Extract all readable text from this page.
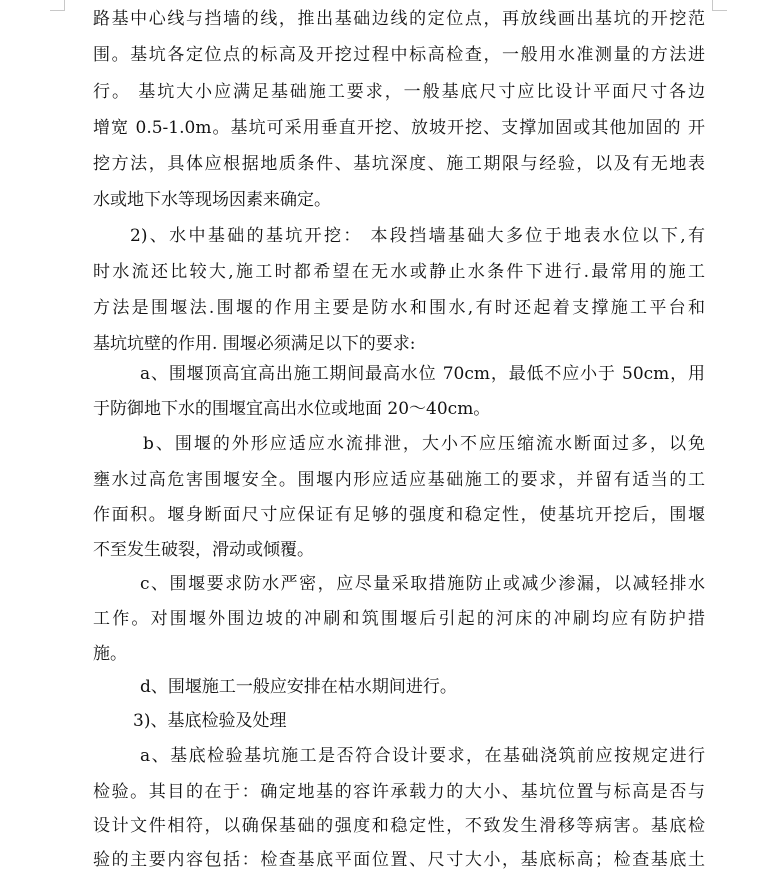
路基中心线与挡墙的线，推出基础边线的定位点，再放线画出基坑的开挖范
围。基坑各定位点的标高及开挖过程中标高检查，一般用水准测量的方法进
行。 基坑大小应满足基础施工要求，一般基底尺寸应比设计平面尺寸各边
增宽 0.5-1.0m。基坑可采用垂直开挖、放坡开挖、支撑加固或其他加固的 开
挖方法，具体应根据地质条件、基坑深度、施工期限与经验，以及有无地表
水或地下水等现场因素来确定。
2)、水中基础的基坑开挖： 本段挡墙基础大多位于地表水位以下,有
时水流还比较大,施工时都希望在无水或静止水条件下进行.最常用的施工
方法是围堰法.围堰的作用主要是防水和围水,有时还起着支撑施工平台和
基坑坑壁的作用. 围堰必须满足以下的要求:
a、围堰顶高宜高出施工期间最高水位 70cm，最低不应小于 50cm，用
于防御地下水的围堰宜高出水位或地面 20～40cm。
b、围堰的外形应适应水流排泄，大小不应压缩流水断面过多，以免
壅水过高危害围堰安全。围堰内形应适应基础施工的要求，并留有适当的工
作面积。堰身断面尺寸应保证有足够的强度和稳定性，使基坑开挖后，围堰
不至发生破裂，滑动或倾覆。
c、围堰要求防水严密，应尽量采取措施防止或减少渗漏，以减轻排水
工作。对围堰外围边坡的冲刷和筑围堰后引起的河床的冲刷均应有防护措
施。
d、围堰施工一般应安排在枯水期间进行。
3)、基底检验及处理
a、基底检验基坑施工是否符合设计要求，在基础浇筑前应按规定进行
检验。其目的在于：确定地基的容许承载力的大小、基坑位置与标高是否与
设计文件相符，以确保基础的强度和稳定性，不致发生滑移等病害。基底检
验的主要内容包括：检查基底平面位置、尺寸大小，基底标高；检查基底土
